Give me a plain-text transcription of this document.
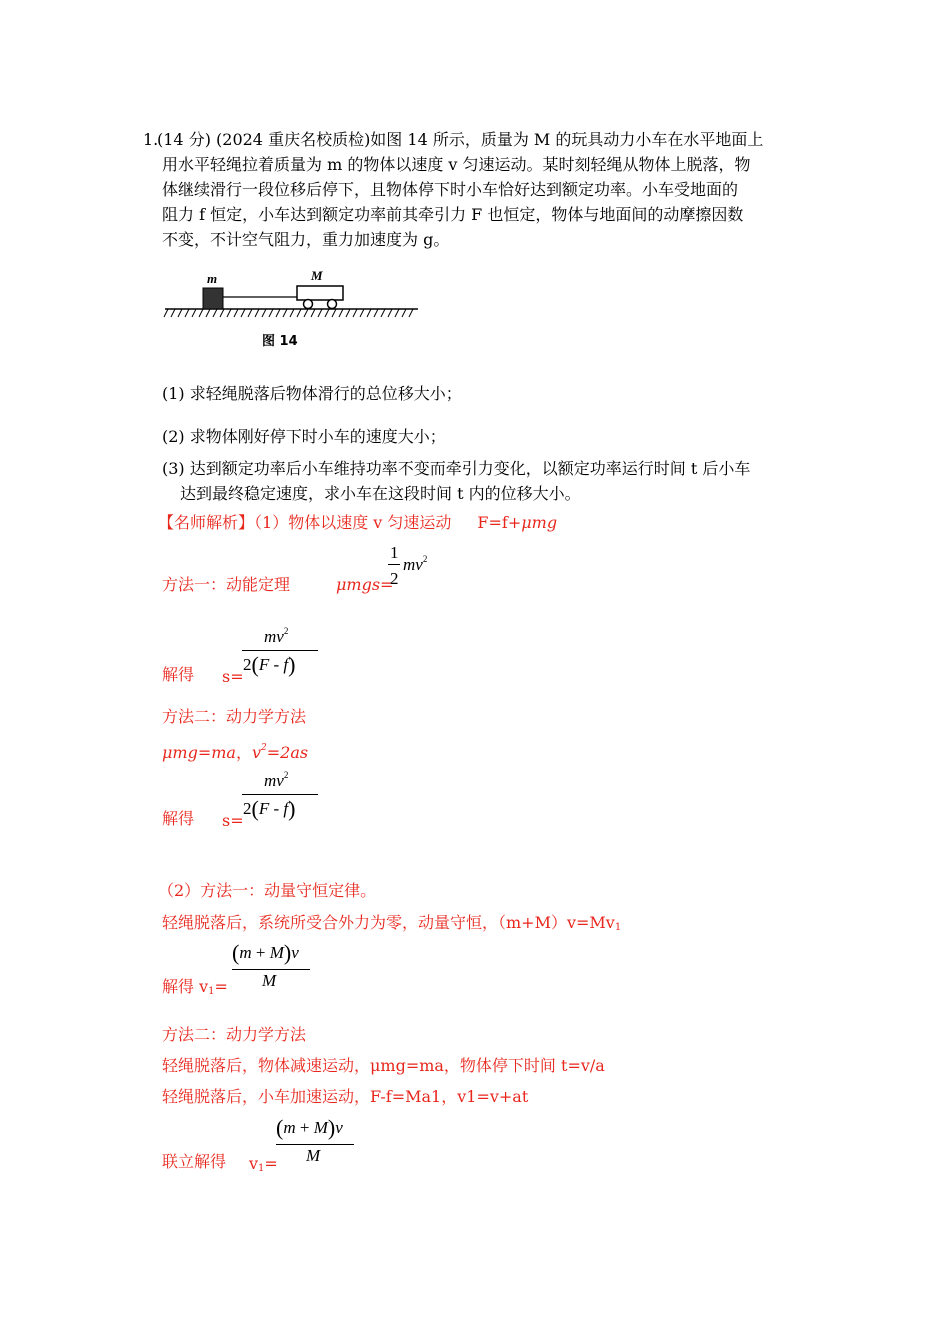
1.
(14 分) (2024 重庆名校质检)如图 14 所示，质量为 M 的玩具动力小车在水平地面上
用水平轻绳拉着质量为 m 的物体以速度 v 匀速运动。某时刻轻绳从物体上脱落，物
体继续滑行一段位移后停下，且物体停下时小车恰好达到额定功率。小车受地面的
阻力 f 恒定，小车达到额定功率前其牵引力 F 也恒定，物体与地面间的动摩擦因数
不变，不计空气阻力，重力加速度为 g。
m	M
图 14
(1) 求轻绳脱落后物体滑行的总位移大小；
(2) 求物体刚好停下时小车的速度大小；
(3) 达到额定功率后小车维持功率不变而牵引力变化，以额定功率运行时间 t 后小车
达到最终稳定速度，求小车在这段时间 t 内的位移大小。
【名师解析】（1）物体以速度 v 匀速运动 F=f+μmg
方法一：动能定理	μmgs=
1
2
$mv^2$
解得 s=
$mv^2$
2(F - f)
方法二：动力学方法
μmg=ma，$v^2=2as$
解得 s=
$mv^2$
2(F - f)
（2）方法一：动量守恒定律。
轻绳脱落后，系统所受合外力为零，动量守恒，$(m+M)v=Mv_1$
解得 $v_1=$
(m + M)v
M
方法二：动力学方法
轻绳脱落后，物体减速运动，μmg=ma，物体停下时间 t=v/a
轻绳脱落后，小车加速运动，F-f=Ma1，v1=v+at
联立解得 $v_1=$
(m + M)v
M
